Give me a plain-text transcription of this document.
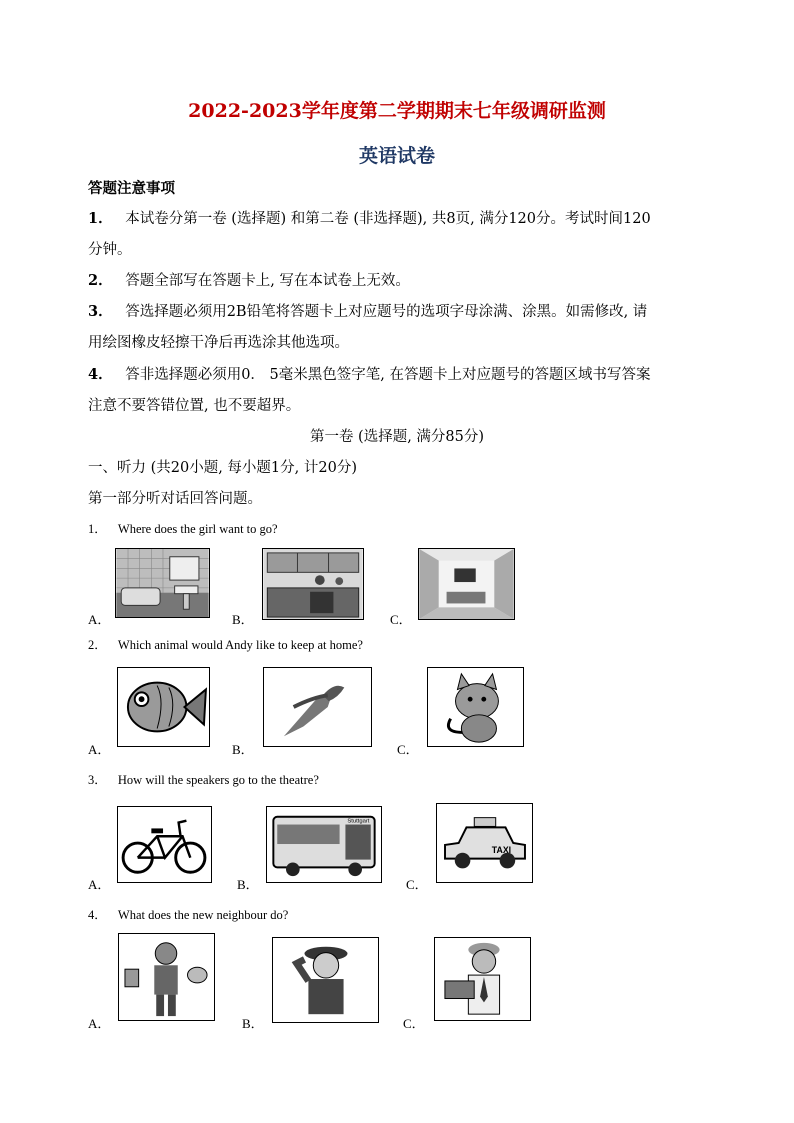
2022-2023学年度第二学期期末七年级调研监测
英语试卷
答题注意事项
1． 本试卷分第一卷 (选择题) 和第二卷 (非选择题), 共8页, 满分120分。考试时间120
分钟。
2． 答题全部写在答题卡上, 写在本试卷上无效。
3． 答选择题必须用2B铅笔将答题卡上对应题号的选项字母涂满、涂黑。如需修改, 请
用绘图橡皮轻擦干净后再选涂其他选项。
4． 答非选择题必须用0． 5毫米黑色签字笔, 在答题卡上对应题号的答题区域书写答案
注意不要答错位置, 也不要超界。
第一卷 (选择题, 满分85分)
一、听力 (共20小题, 每小题1分, 计20分)
第一部分听对话回答问题。
1． Where does the girl want to go?
A．	B．	C．
2． Which animal would Andy like to keep at home?
A．	B．	C．
3． How will the speakers go to the theatre?
A．	B．
Stuttgart
C．
TAXI
4． What does the new neighbour do?
A．	B．	C．
